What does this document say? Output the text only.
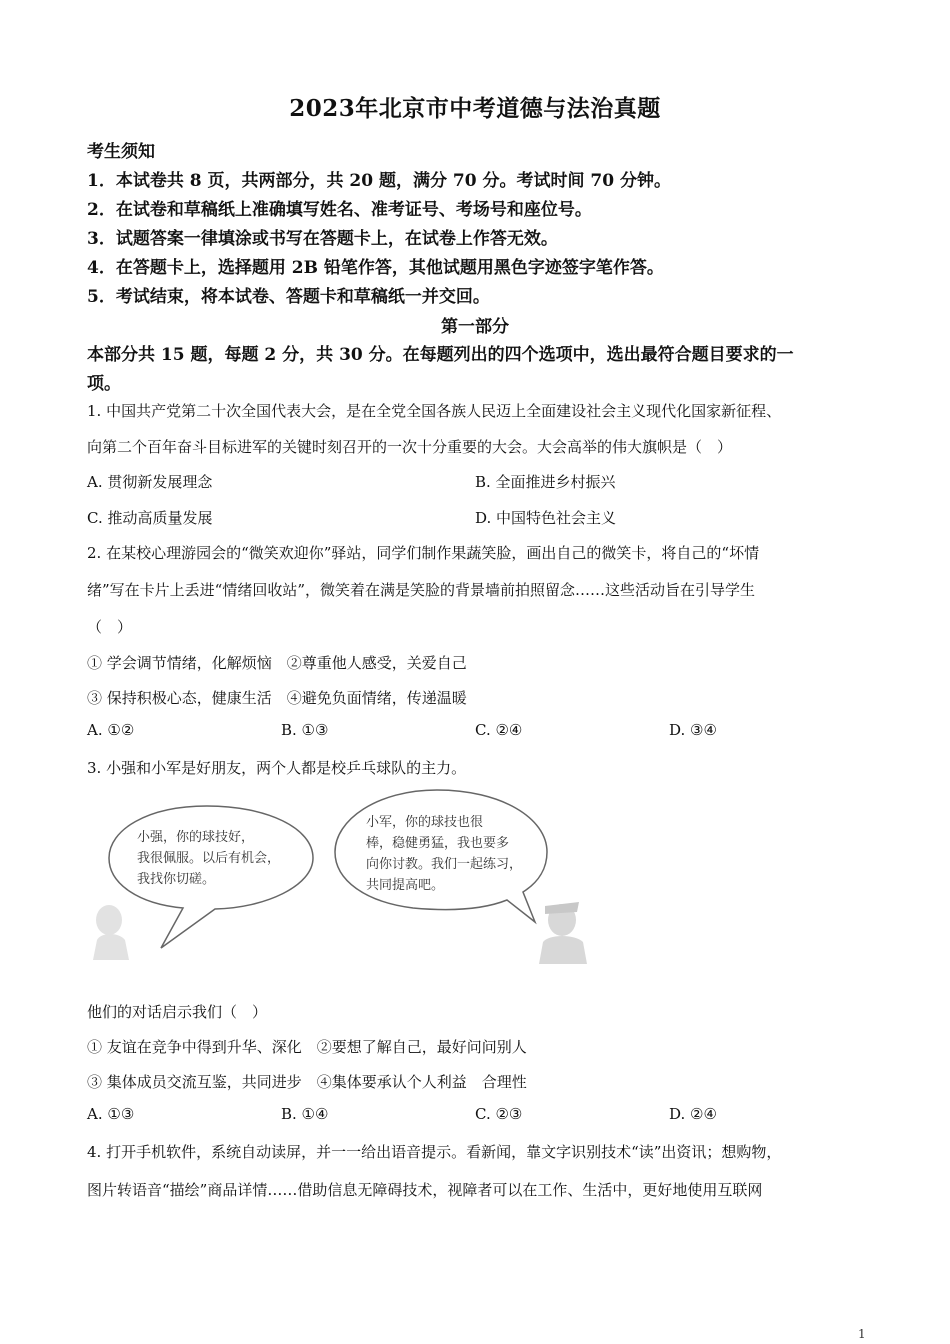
2023年北京市中考道德与法治真题
考生须知
1．本试卷共 8 页，共两部分，共 20 题，满分 70 分。考试时间 70 分钟。
2．在试卷和草稿纸上准确填写姓名、准考证号、考场号和座位号。
3．试题答案一律填涂或书写在答题卡上，在试卷上作答无效。
4．在答题卡上，选择题用 2B 铅笔作答，其他试题用黑色字迹签字笔作答。
5．考试结束，将本试卷、答题卡和草稿纸一并交回。
第一部分
本部分共 15 题，每题 2 分，共 30 分。在每题列出的四个选项中，选出最符合题目要求的一
项。
1. 中国共产党第二十次全国代表大会，是在全党全国各族人民迈上全面建设社会主义现代化国家新征程、
向第二个百年奋斗目标进军的关键时刻召开的一次十分重要的大会。大会高举的伟大旗帜是（　）
A. 贯彻新发展理念	B. 全面推进乡村振兴
C. 推动高质量发展	D. 中国特色社会主义
2. 在某校心理游园会的“微笑欢迎你”驿站，同学们制作果蔬笑脸，画出自己的微笑卡，将自己的“坏情
绪”写在卡片上丢进“情绪回收站”，微笑着在满是笑脸的背景墙前拍照留念……这些活动旨在引导学生
（　）
① 学会调节情绪，化解烦恼　②尊重他人感受，关爱自己
③ 保持积极心态，健康生活　④避免负面情绪，传递温暖
A. ①②	B. ①③	C. ②④	D. ③④
3. 小强和小军是好朋友，两个人都是校乒乓球队的主力。
小强，你的球技好，
我很佩服。以后有机会，
我找你切磋。
小军，你的球技也很
棒，稳健勇猛，我也要多
向你讨教。我们一起练习，
共同提高吧。
他们的对话启示我们（　）
① 友谊在竞争中得到升华、深化　②要想了解自己，最好问问别人
③ 集体成员交流互鉴，共同进步　④集体要承认个人利益　合理性
A. ①③	B. ①④	C. ②③	D. ②④
4. 打开手机软件，系统自动读屏，并一一给出语音提示。看新闻，靠文字识别技术“读”出资讯；想购物，
图片转语音“描绘”商品详情……借助信息无障碍技术，视障者可以在工作、生活中，更好地使用互联网
1
